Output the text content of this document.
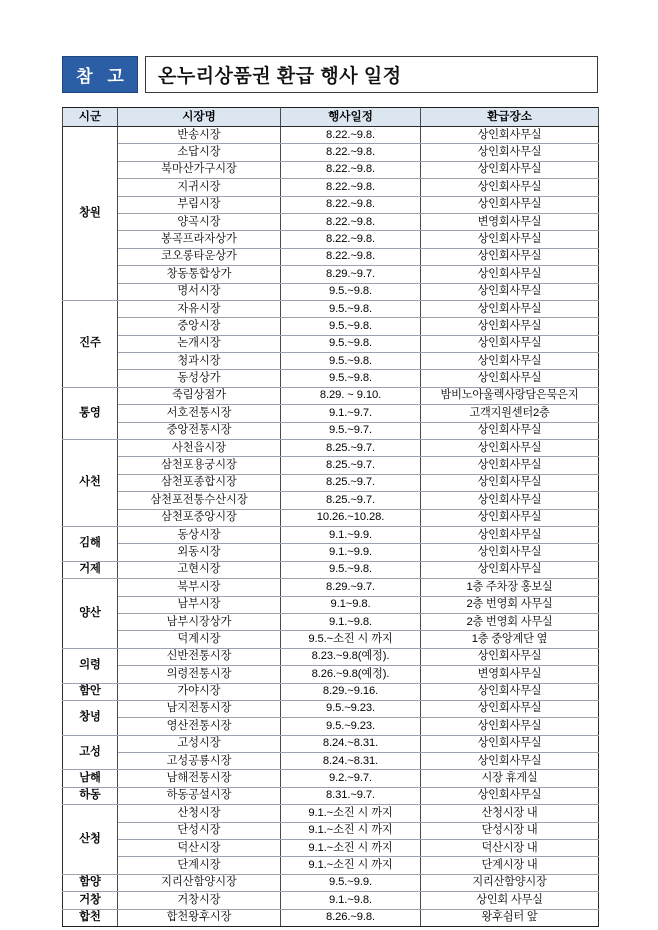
참 고	온누리상품권 환급 행사 일정
시군	시장명	행사일정	환급장소
창원	반송시장	8.22.~9.8.	상인회사무실
	소답시장	8.22.~9.8.	상인회사무실
	북마산가구시장	8.22.~9.8.	상인회사무실
	지귀시장	8.22.~9.8.	상인회사무실
	부림시장	8.22.~9.8.	상인회사무실
	양곡시장	8.22.~9.8.	변영회사무실
	봉곡프라자상가	8.22.~9.8.	상인회사무실
	코오롱타운상가	8.22.~9.8.	상인회사무실
	창동통합상가	8.29.~9.7.	상인회사무실
	명서시장	9.5.~9.8.	상인회사무실
진주	자유시장	9.5.~9.8.	상인회사무실
	중앙시장	9.5.~9.8.	상인회사무실
	논개시장	9.5.~9.8.	상인회사무실
	청과시장	9.5.~9.8.	상인회사무실
	동성상가	9.5.~9.8.	상인회사무실
통영	죽림상점가	8.29. ~ 9.10.	밤비노아울렉사랑담은묵은지
	서호전통시장	9.1.~9.7.	고객지원센터2층
	중앙전통시장	9.5.~9.7.	상인회사무실
사천	사천읍시장	8.25.~9.7.	상인회사무실
	삼천포용궁시장	8.25.~9.7.	상인회사무실
	삼천포종합시장	8.25.~9.7.	상인회사무실
	삼천포전통수산시장	8.25.~9.7.	상인회사무실
	삼천포중앙시장	10.26.~10.28.	상인회사무실
김해	동상시장	9.1.~9.9.	상인회사무실
	외동시장	9.1.~9.9.	상인회사무실
거제	고현시장	9.5.~9.8.	상인회사무실
양산	북부시장	8.29.~9.7.	1층 주차장 홍보실
	남부시장	9.1~9.8.	2층 번영회 사무실
	남부시장상가	9.1.~9.8.	2층 번영회 사무실
	덕계시장	9.5.~소진 시 까지	1층 중앙계단 옆
의령	신반전통시장	8.23.~9.8(예정).	상인회사무실
	의령전통시장	8.26.~9.8(예정).	변영회사무실
함안	가야시장	8.29.~9.16.	상인회사무실
창녕	남지전통시장	9.5.~9.23.	상인회사무실
	영산전통시장	9.5.~9.23.	상인회사무실
고성	고성시장	8.24.~8.31.	상인회사무실
	고성공룡시장	8.24.~8.31.	상인회사무실
남해	남해전통시장	9.2.~9.7.	시장 휴게실
하동	하동공설시장	8.31.~9.7.	상인회사무실
산청	산청시장	9.1.~소진 시 까지	산청시장 내
	단성시장	9.1.~소진 시 까지	단성시장 내
	덕산시장	9.1.~소진 시 까지	덕산시장 내
	단계시장	9.1.~소진 시 까지	단계시장 내
함양	지리산함양시장	9.5.~9.9.	지리산함양시장
거창	거창시장	9.1.~9.8.	상인회 사무실
합천	합천왕후시장	8.26.~9.8.	왕후쉼터 앞
